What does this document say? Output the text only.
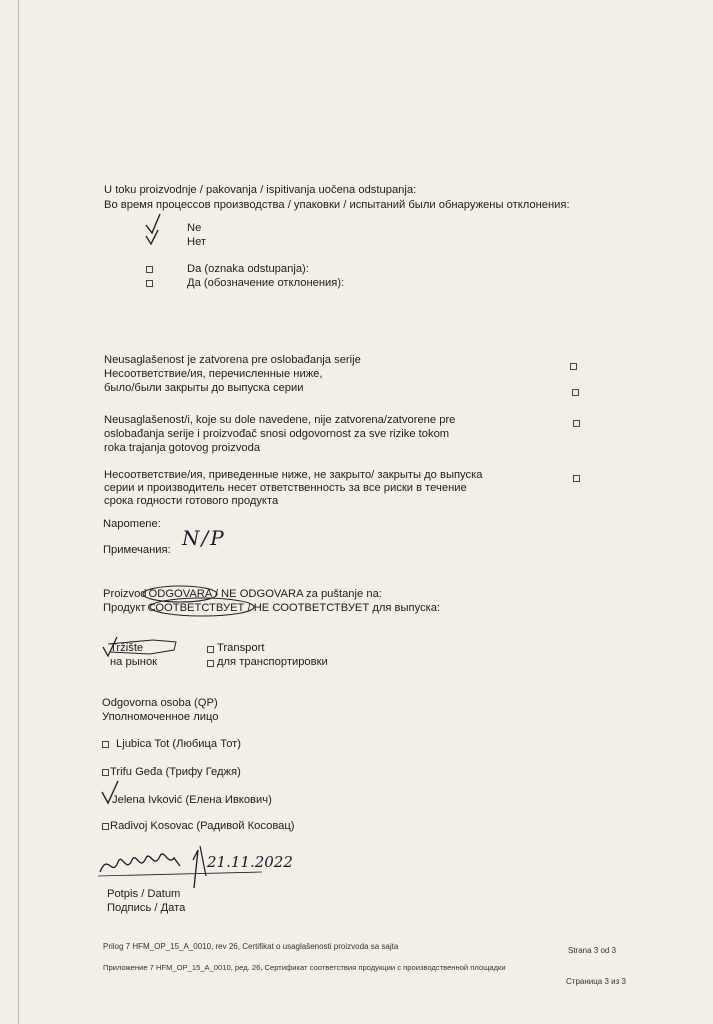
U toku proizvodnje / pakovanja / ispitivanja uočena odstupanja:
Во время процессов производства / упаковки / испытаний были обнаружены отклонения:
Ne
Нет
Da (oznaka odstupanja):
Да (обозначение отклонения):
Neusaglašenost je zatvorena pre oslobađanja serije
Несоответствие/ия, перечисленные ниже,
было/были закрыты до выпуска серии
Neusaglašenost/i, koje su dole navedene, nije zatvorena/zatvorene pre
oslobađanja serije i proizvođač snosi odgovornost za sve rizike tokom
roka trajanja gotovog proizvoda
Несоответствие/ия, приведенные ниже, не закрыто/ закрыты до выпуска
серии и производитель несет ответственность за все риски в течение
срока годности готового продукта
Napomene:
Примечания: N/P
Proizvod ODGOVARA / NE ODGOVARA za puštanje na:
Продукт СООТВЕТСТВУЕТ / НЕ СООТВЕТСТВУЕТ для выпуска:
Tržište
на рынок
Transport
для транспортировки
Odgovorna osoba (QP)
Уполномоченное лицо
Ljubica Tot (Любица Тот)
Trifu Geđa (Трифу Геджя)
Jelena Ivković (Елена Ивкович)
Radivoj Kosovac (Радивой Косовац)
21.11.2022
Potpis / Datum
Подпись / Дата
Prilog 7 HFM_OP_15_A_0010, rev 26, Certifikat o usaglašenosti proizvoda sa sajta	Strana 3 od 3
Приложение 7 HFM_OP_15_A_0010, ред. 26, Сертификат соответствия продукции с производственной площадки
Страница 3 из 3
